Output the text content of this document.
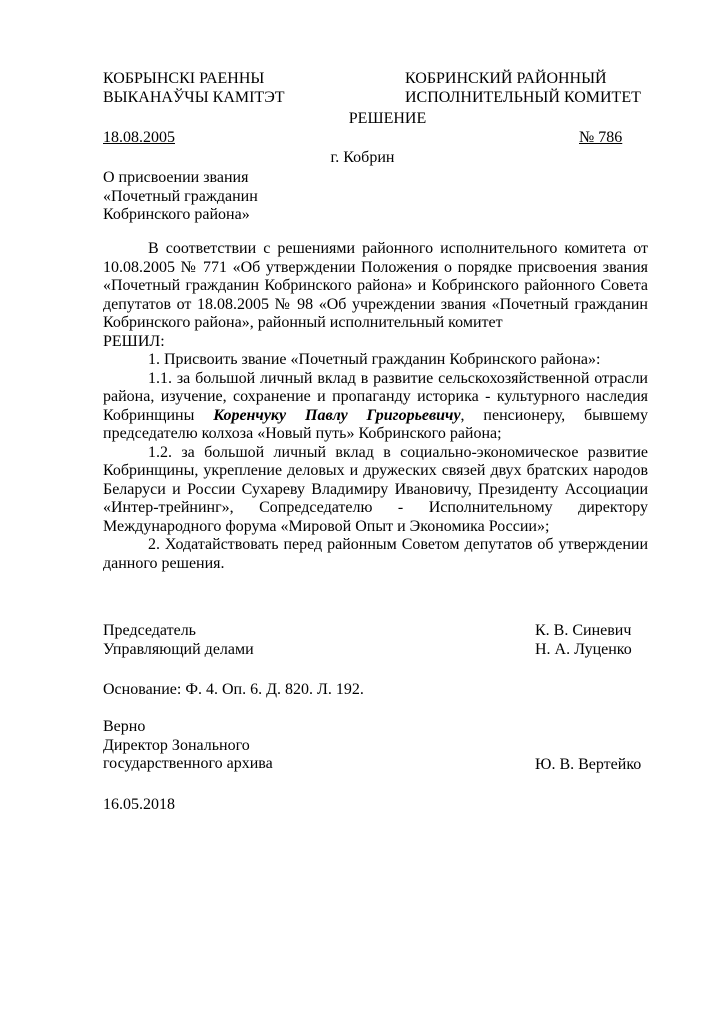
КОБРЫНСКІ РАЕННЫ
ВЫКАНАЎЧЫ КАМІТЭТ
КОБРИНСКИЙ РАЙОННЫЙ
ИСПОЛНИТЕЛЬНЫЙ КОМИТЕТ
РЕШЕНИЕ
18.08.2005	№ 786
г. Кобрин
О присвоении звания
«Почетный гражданин
Кобринского района»

В соответствии с решениями районного исполнительного комитета от 10.08.2005 № 771 «Об утверждении Положения о порядке присвоения звания «Почетный гражданин Кобринского района» и Кобринского районного Совета депутатов от 18.08.2005 № 98 «Об учреждении звания «Почетный гражданин Кобринского района», районный исполнительный комитет

РЕШИЛ:

1. Присвоить звание «Почетный гражданин Кобринского района»:

1.1. за большой личный вклад в развитие сельскохозяйственной отрасли района, изучение, сохранение и пропаганду историка - культурного наследия Кобринщины Коренчуку Павлу Григорьевичу, пенсионеру, бывшему председателю колхоза «Новый путь» Кобринского района;

1.2. за большой личный вклад в социально-экономическое развитие Кобринщины, укрепление деловых и дружеских связей двух братских народов Беларуси и России Сухареву Владимиру Ивановичу, Президенту Ассоциации «Интер-трейнинг», Сопредседателю - Исполнительному директору Международного форума «Мировой Опыт и Экономика России»;

2. Ходатайствовать перед районным Советом депутатов об утверждении данного решения.

Председатель
Управляющий делами
К. В. Синевич
Н. А. Луценко
Основание: Ф. 4. Оп. 6. Д. 820. Л. 192.
Верно
Директор Зонального
государственного архива	Ю. В. Вертейко
16.05.2018
